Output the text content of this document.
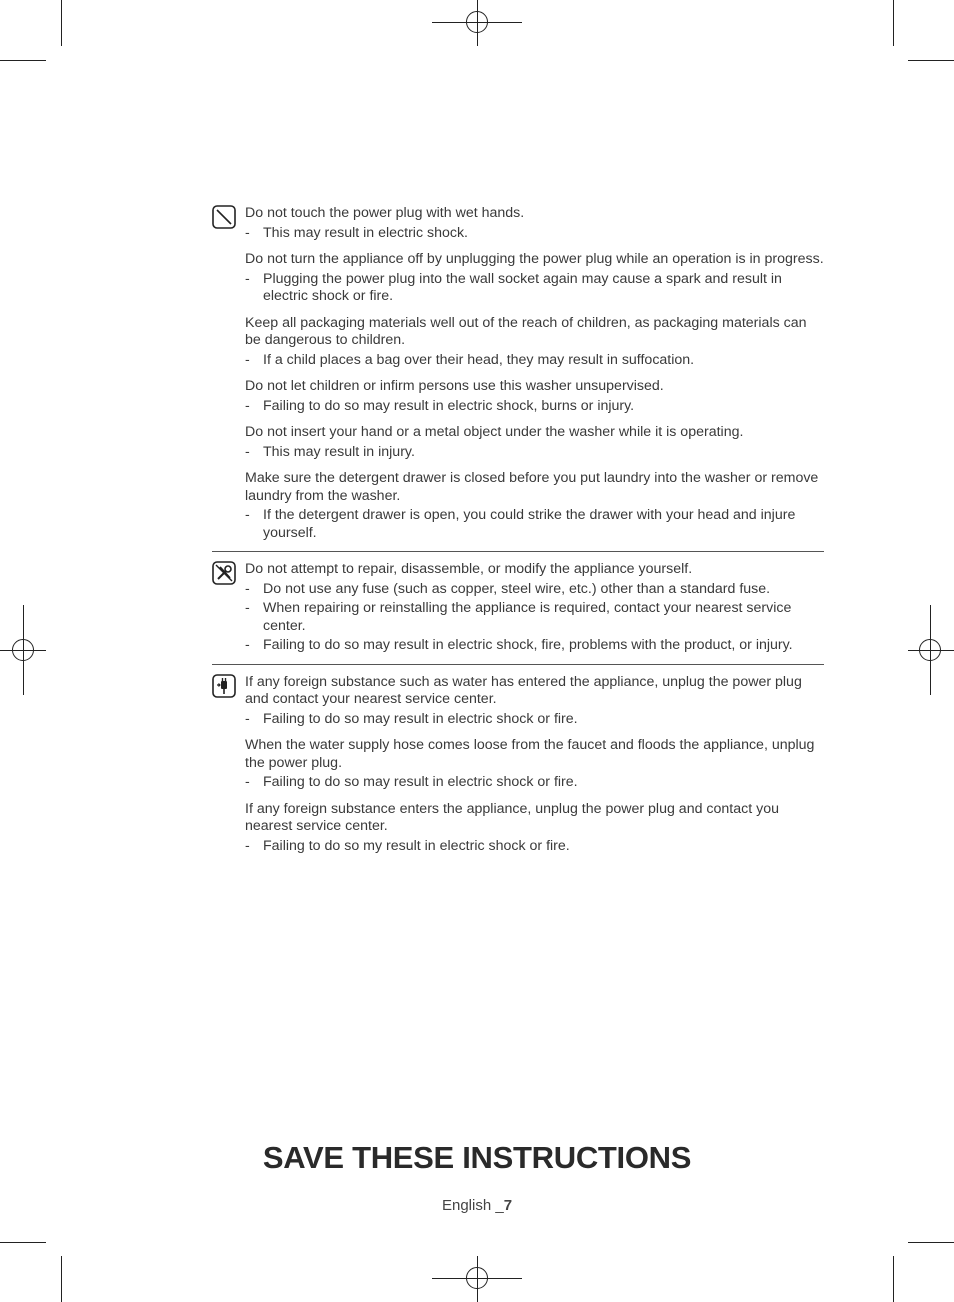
Do not touch the power plug with wet hands.

- This may result in electric shock.

Do not turn the appliance off by unplugging the power plug while an operation is in progress.

- Plugging the power plug into the wall socket again may cause a spark and result in electric shock or fire.

Keep all packaging materials well out of the reach of children, as packaging materials can be dangerous to children.

- If a child places a bag over their head, they may result in suffocation.

Do not let children or infirm persons use this washer unsupervised.

- Failing to do so may result in electric shock, burns or injury.

Do not insert your hand or a metal object under the washer while it is operating.

- This may result in injury.

Make sure the detergent drawer is closed before you put laundry into the washer or remove laundry from the washer.

- If the detergent drawer is open, you could strike the drawer with your head and injure yourself.

Do not attempt to repair, disassemble, or modify the appliance yourself.

- Do not use any fuse (such as copper, steel wire, etc.) other than a standard fuse.
- When repairing or reinstalling the appliance is required, contact your nearest service center.
- Failing to do so may result in electric shock, fire, problems with the product, or injury.

If any foreign substance such as water has entered the appliance, unplug the power plug and contact your nearest service center.

- Failing to do so may result in electric shock or fire.

When the water supply hose comes loose from the faucet and floods the appliance, unplug the power plug.

- Failing to do so may result in electric shock or fire.

If any foreign substance enters the appliance, unplug the power plug and contact you nearest service center.

- Failing to do so my result in electric shock or fire.
SAVE THESE INSTRUCTIONS
English _7
